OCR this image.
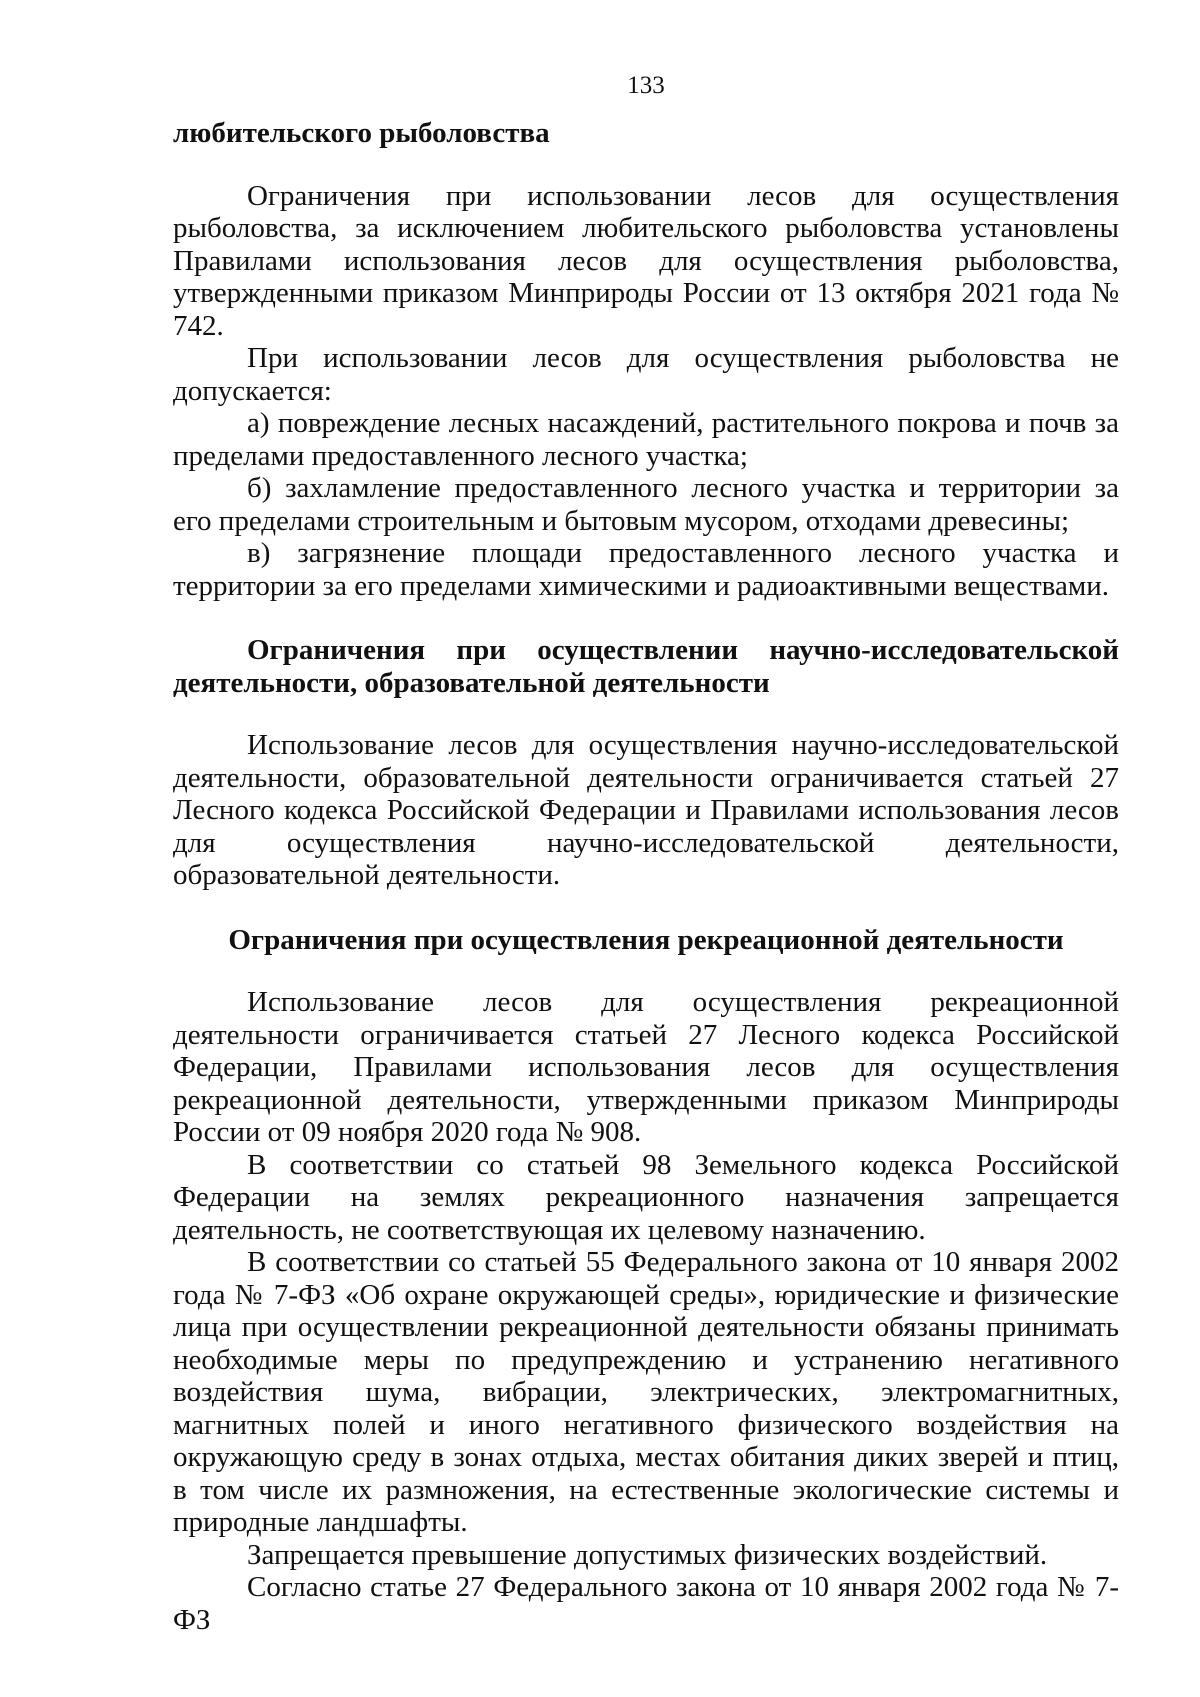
133

любительского рыболовства

Ограничения при использовании лесов для осуществления рыболовства, за исключением любительского рыболовства установлены Правилами использования лесов для осуществления рыболовства, утвержденными приказом Минприроды России от 13 октября 2021 года № 742.

При использовании лесов для осуществления рыболовства не допускается:

а) повреждение лесных насаждений, растительного покрова и почв за пределами предоставленного лесного участка;

б) захламление предоставленного лесного участка и территории за его пределами строительным и бытовым мусором, отходами древесины;

в) загрязнение площади предоставленного лесного участка и территории за его пределами химическими и радиоактивными веществами.

Ограничения при осуществлении научно-исследовательской деятельности, образовательной деятельности

Использование лесов для осуществления научно-исследовательской деятельности, образовательной деятельности ограничивается статьей 27 Лесного кодекса Российской Федерации и Правилами использования лесов для осуществления научно-исследовательской деятельности, образовательной деятельности.

Ограничения при осуществления рекреационной деятельности

Использование лесов для осуществления рекреационной деятельности ограничивается статьей 27 Лесного кодекса Российской Федерации, Правилами использования лесов для осуществления рекреационной деятельности, утвержденными приказом Минприроды России от 09 ноября 2020 года № 908.

В соответствии со статьей 98 Земельного кодекса Российской Федерации на землях рекреационного назначения запрещается деятельность, не соответствующая их целевому назначению.

В соответствии со статьей 55 Федерального закона от 10 января 2002 года № 7-ФЗ «Об охране окружающей среды», юридические и физические лица при осуществлении рекреационной деятельности обязаны принимать необходимые меры по предупреждению и устранению негативного воздействия шума, вибрации, электрических, электромагнитных, магнитных полей и иного негативного физического воздействия на окружающую среду в зонах отдыха, местах обитания диких зверей и птиц, в том числе их размножения, на естественные экологические системы и природные ландшафты.

Запрещается превышение допустимых физических воздействий.

Согласно статье 27 Федерального закона от 10 января 2002 года № 7-ФЗ
